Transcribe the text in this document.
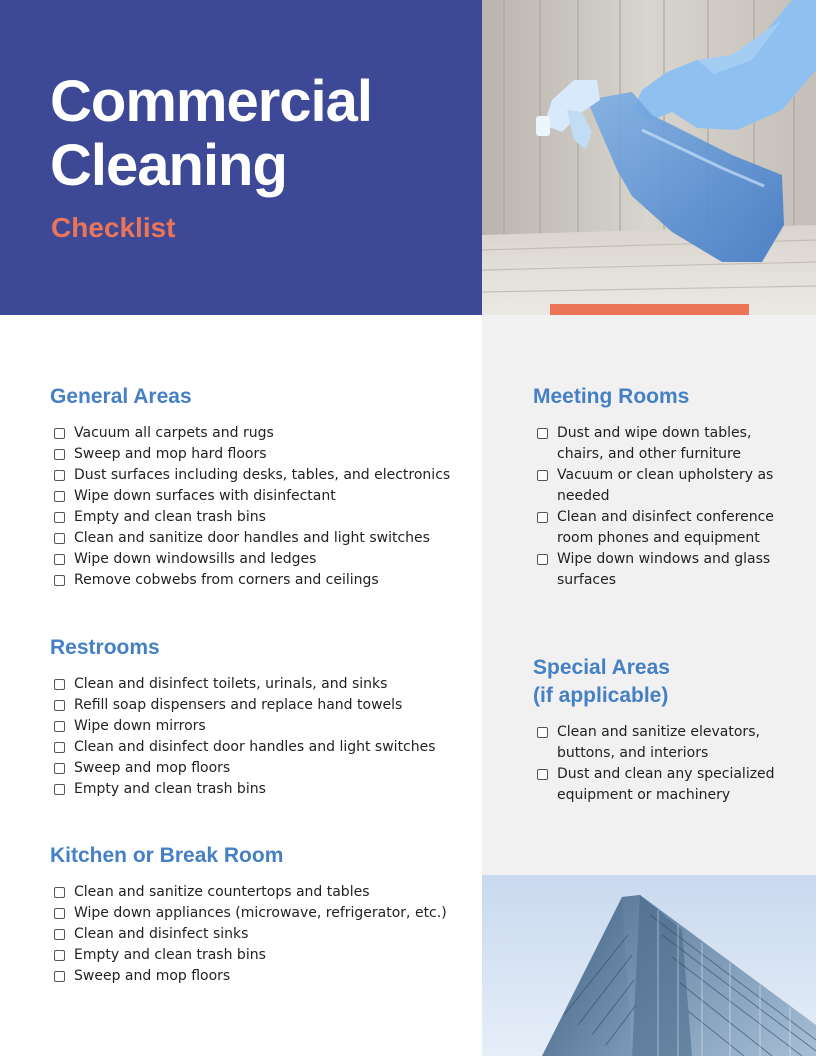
Commercial
Cleaning
Checklist
General Areas
Vacuum all carpets and rugs
Sweep and mop hard floors
Dust surfaces including desks, tables, and electronics
Wipe down surfaces with disinfectant
Empty and clean trash bins
Clean and sanitize door handles and light switches
Wipe down windowsills and ledges
Remove cobwebs from corners and ceilings
Restrooms
Clean and disinfect toilets, urinals, and sinks
Refill soap dispensers and replace hand towels
Wipe down mirrors
Clean and disinfect door handles and light switches
Sweep and mop floors
Empty and clean trash bins
Kitchen or Break Room
Clean and sanitize countertops and tables
Wipe down appliances (microwave, refrigerator, etc.)
Clean and disinfect sinks
Empty and clean trash bins
Sweep and mop floors
Meeting Rooms
Dust and wipe down tables, chairs, and other furniture
Vacuum or clean upholstery as needed
Clean and disinfect conference room phones and equipment
Wipe down windows and glass surfaces
Special Areas
(if applicable)
Clean and sanitize elevators, buttons, and interiors
Dust and clean any specialized equipment or machinery
